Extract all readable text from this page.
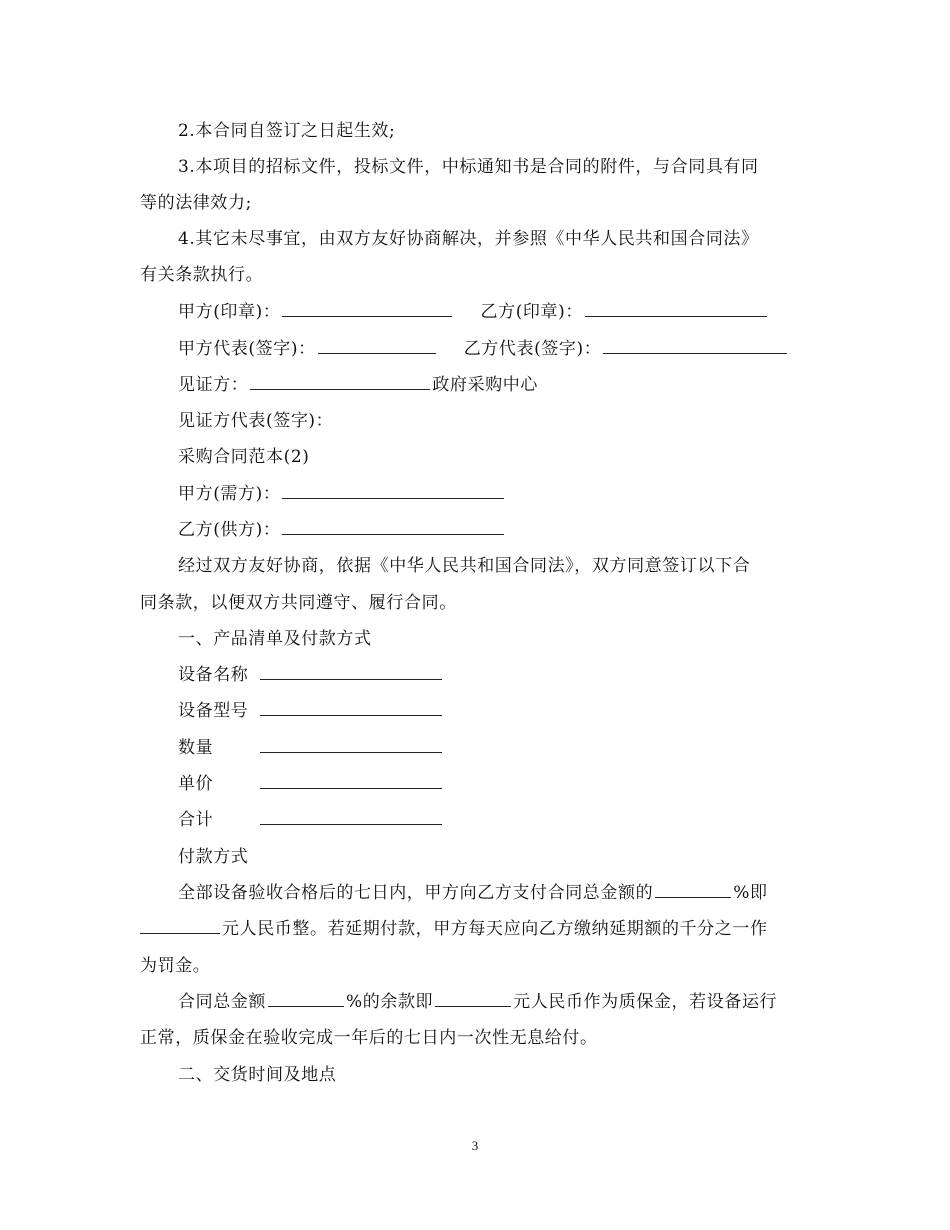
2.本合同自签订之日起生效;
3.本项目的招标文件，投标文件，中标通知书是合同的附件，与合同具有同
等的法律效力;
4.其它未尽事宜，由双方友好协商解决，并参照《中华人民共和国合同法》
有关条款执行。
甲方(印章)：	乙方(印章)：
甲方代表(签字)：	乙方代表(签字)：
见证方：	政府采购中心
见证方代表(签字)：
采购合同范本(2)
甲方(需方)：
乙方(供方)：
经过双方友好协商，依据《中华人民共和国合同法》，双方同意签订以下合
同条款，以便双方共同遵守、履行合同。
一、产品清单及付款方式
设备名称
设备型号
数量
单价
合计
付款方式
全部设备验收合格后的七日内，甲方向乙方支付合同总金额的	%即
元人民币整。若延期付款，甲方每天应向乙方缴纳延期额的千分之一作
为罚金。
合同总金额	%的余款即	元人民币作为质保金，若设备运行
正常，质保金在验收完成一年后的七日内一次性无息给付。
二、交货时间及地点
3
